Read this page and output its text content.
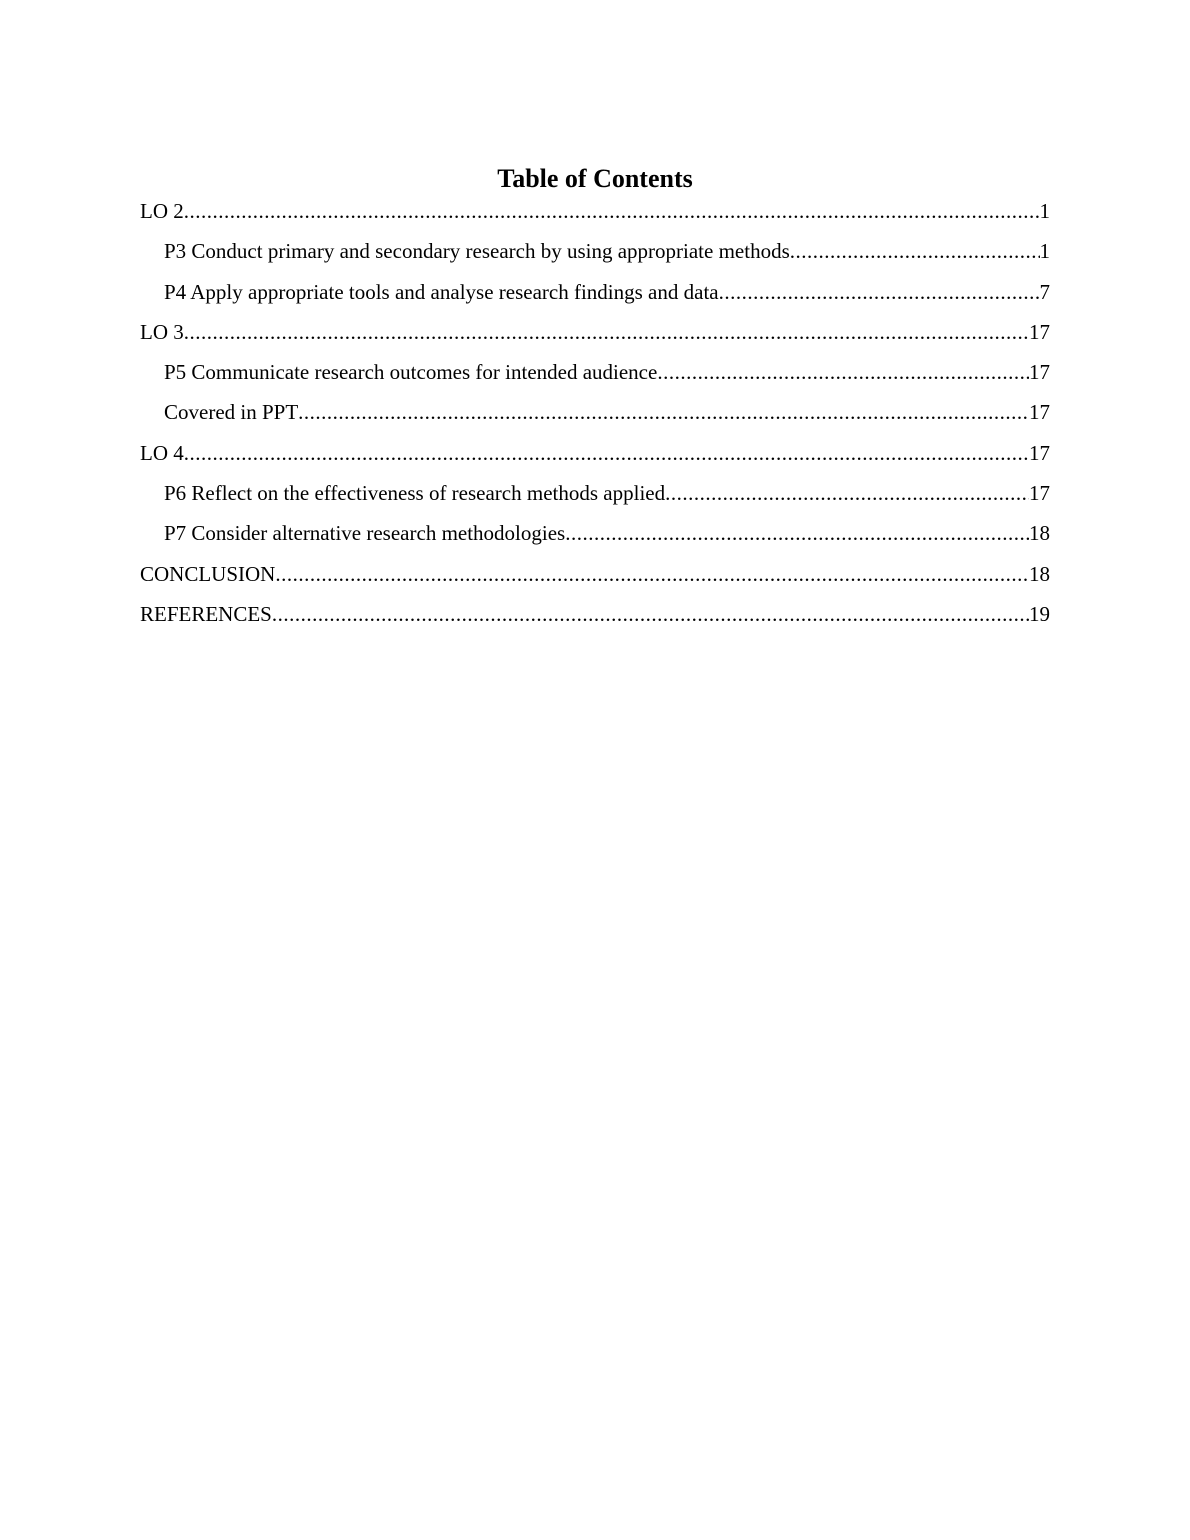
Table of Contents
LO 2 .....	1
P3 Conduct primary and secondary research by using appropriate methods .....	1
P4 Apply appropriate tools and analyse research findings and data .....	7
LO 3 .....	17
P5 Communicate research outcomes for intended audience .....	17
Covered in PPT .....	17
LO 4 .....	17
P6 Reflect on the effectiveness of research methods applied .....	17
P7 Consider alternative research methodologies .....	18
CONCLUSION .....	18
REFERENCES .....	19
